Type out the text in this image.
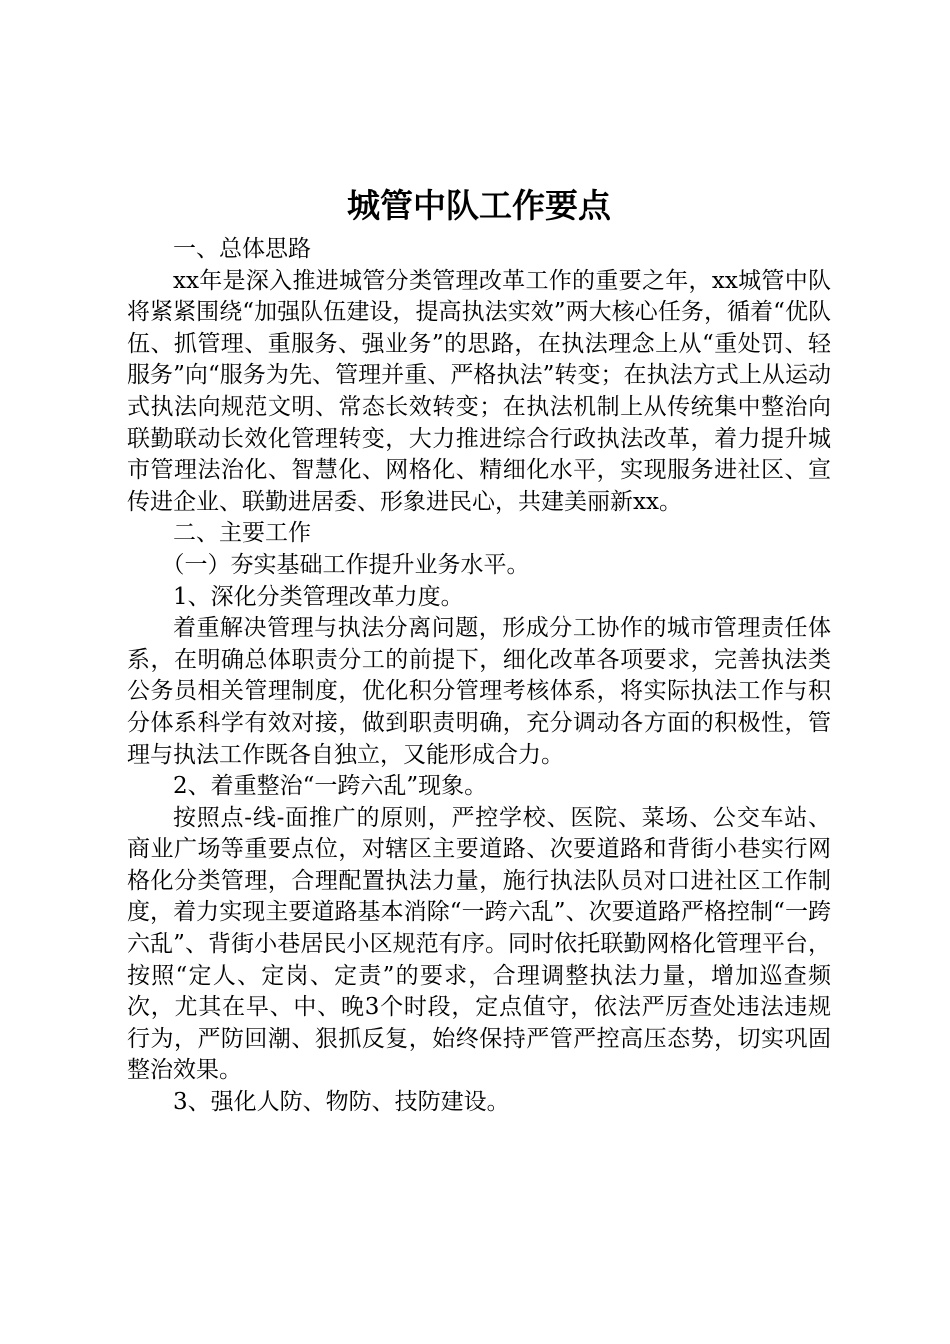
城管中队工作要点

一、总体思路

xx年是深入推进城管分类管理改革工作的重要之年，xx城管中队将紧紧围绕“加强队伍建设，提高执法实效”两大核心任务，循着“优队伍、抓管理、重服务、强业务”的思路，在执法理念上从“重处罚、轻服务”向“服务为先、管理并重、严格执法”转变；在执法方式上从运动式执法向规范文明、常态长效转变；在执法机制上从传统集中整治向联勤联动长效化管理转变，大力推进综合行政执法改革，着力提升城市管理法治化、智慧化、网格化、精细化水平，实现服务进社区、宣传进企业、联勤进居委、形象进民心，共建美丽新xx。

二、主要工作

（一）夯实基础工作提升业务水平。

1、深化分类管理改革力度。

着重解决管理与执法分离问题，形成分工协作的城市管理责任体系，在明确总体职责分工的前提下，细化改革各项要求，完善执法类公务员相关管理制度，优化积分管理考核体系，将实际执法工作与积分体系科学有效对接，做到职责明确，充分调动各方面的积极性，管理与执法工作既各自独立，又能形成合力。

2、着重整治“一跨六乱”现象。

按照点-线-面推广的原则，严控学校、医院、菜场、公交车站、商业广场等重要点位，对辖区主要道路、次要道路和背街小巷实行网格化分类管理，合理配置执法力量，施行执法队员对口进社区工作制度，着力实现主要道路基本消除“一跨六乱”、次要道路严格控制“一跨六乱”、背街小巷居民小区规范有序。同时依托联勤网格化管理平台，按照“定人、定岗、定责”的要求，合理调整执法力量，增加巡查频次，尤其在早、中、晚3个时段，定点值守，依法严厉查处违法违规行为，严防回潮、狠抓反复，始终保持严管严控高压态势，切实巩固整治效果。

3、强化人防、物防、技防建设。
